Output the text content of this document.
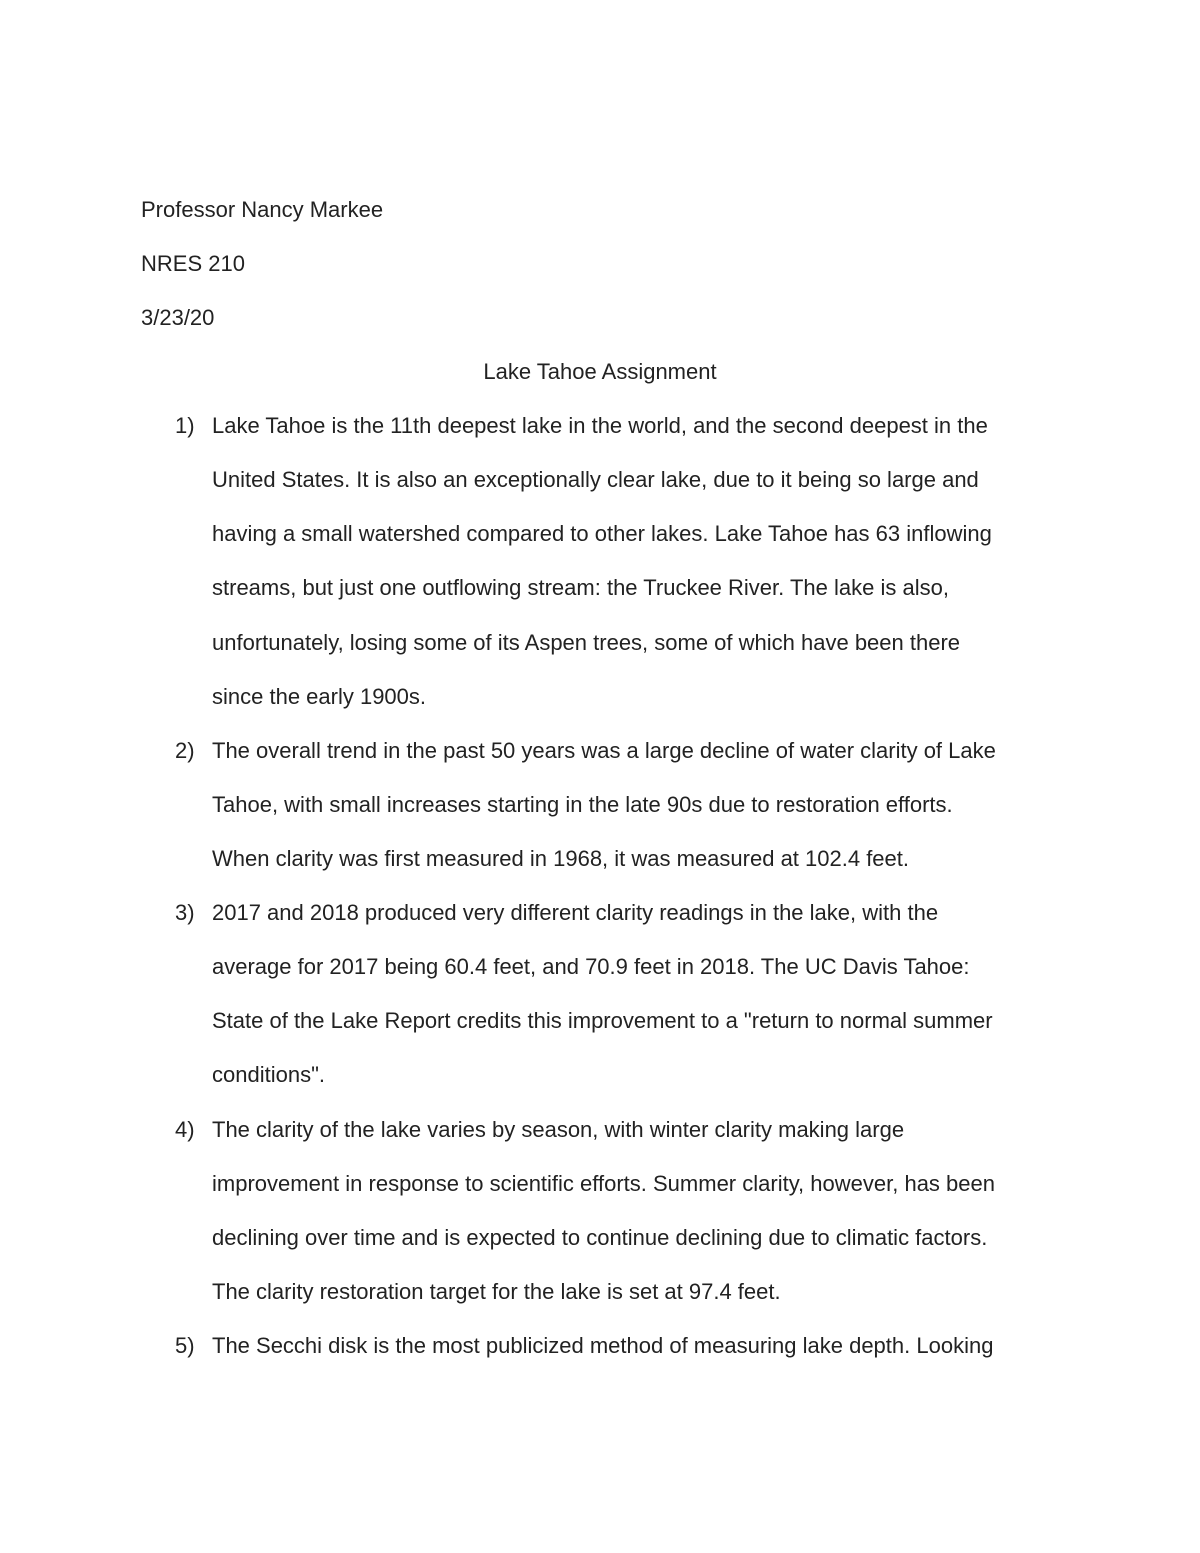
Professor Nancy Markee
NRES 210
3/23/20
Lake Tahoe Assignment
1) Lake Tahoe is the 11th deepest lake in the world, and the second deepest in the
United States. It is also an exceptionally clear lake, due to it being so large and
having a small watershed compared to other lakes. Lake Tahoe has 63 inflowing
streams, but just one outflowing stream: the Truckee River. The lake is also,
unfortunately, losing some of its Aspen trees, some of which have been there
since the early 1900s.
2) The overall trend in the past 50 years was a large decline of water clarity of Lake
Tahoe, with small increases starting in the late 90s due to restoration efforts.
When clarity was first measured in 1968, it was measured at 102.4 feet.
3) 2017 and 2018 produced very different clarity readings in the lake, with the
average for 2017 being 60.4 feet, and 70.9 feet in 2018. The UC Davis Tahoe:
State of the Lake Report credits this improvement to a "return to normal summer
conditions".
4) The clarity of the lake varies by season, with winter clarity making large
improvement in response to scientific efforts. Summer clarity, however, has been
declining over time and is expected to continue declining due to climatic factors.
The clarity restoration target for the lake is set at 97.4 feet.
5) The Secchi disk is the most publicized method of measuring lake depth. Looking
